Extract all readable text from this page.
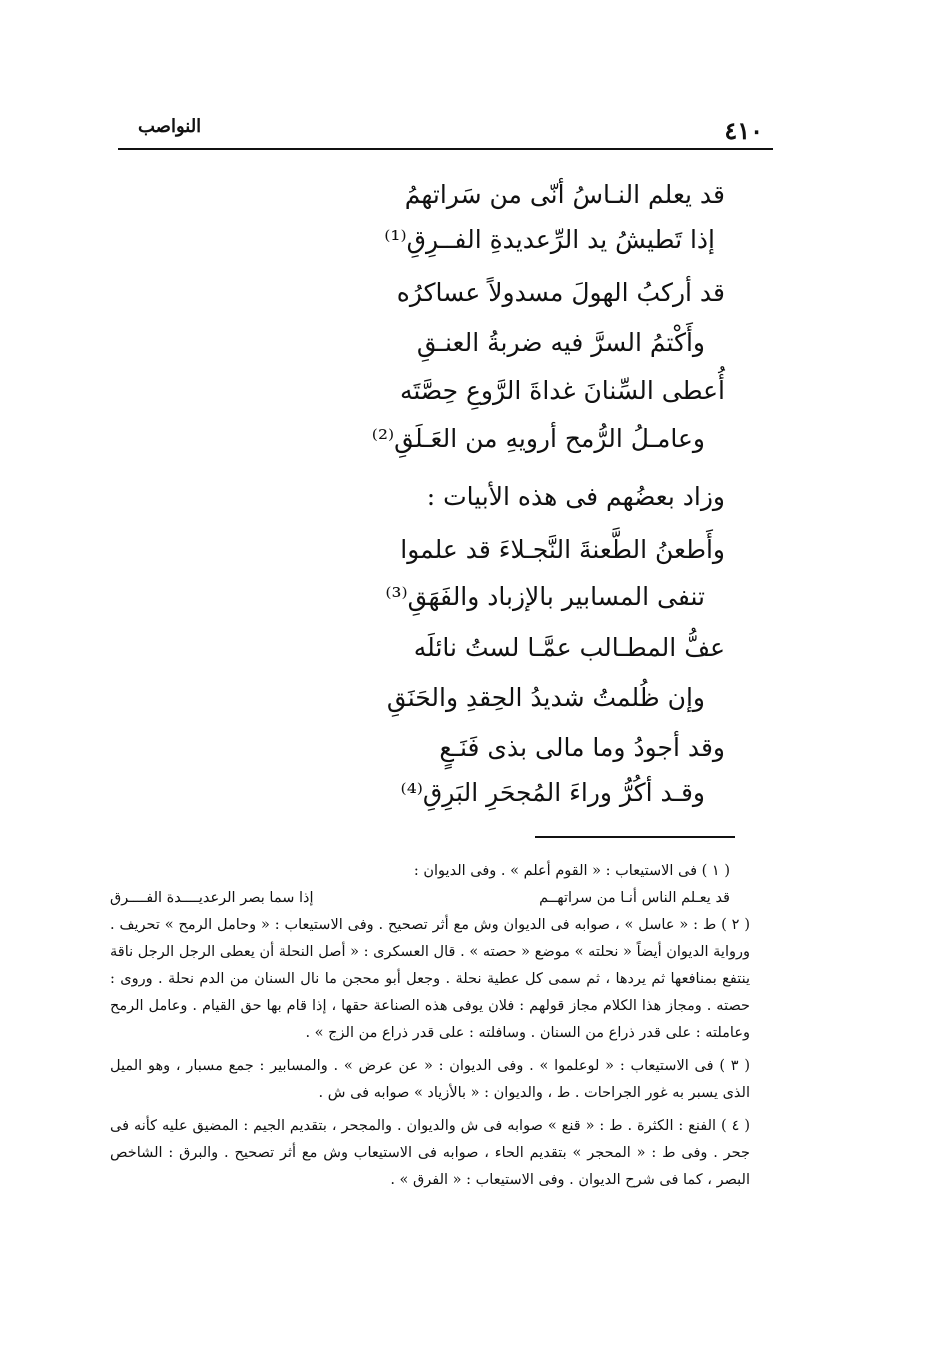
النواصب	٤١٠
قد يعلم النـاسُ أنّى من سَراتهمُ
إذا تَطيشُ يد الرِّعديدةِ الفــرِقِ⁽¹⁾
قد أركبُ الهولَ مسدولاً عساكرُه
وأَكْتمُ السرَّ فيه ضربةُ العنـقِ
أُعطى السِّنانَ غداةَ الرَّوعِ حِصَّتَه
وعامـلُ الرُّمح أرويهِ من العَـلَقِ⁽²⁾
وزاد بعضُهم فى هذه الأبيات :
وأَطعنُ الطَّعنةَ النَّجـلاءَ قد علموا
تنفى المسابير بالإزباد والفَهَقِ⁽³⁾
عفُّ المطـالب عمَّـا لستُ نائلَه
وإن ظُلمتُ شديدُ الحِقدِ والحَنَقِ
وقد أجودُ وما مالى بذى فَنَـعٍ
وقـد أكُرُّ وراءَ المُجحَرِ البَرِقِ⁽⁴⁾

( ١ ) فى الاستيعاب : « القوم أعلم » . وفى الديوان :

قد يعـلم الناس أنـا من سراتهــم
إذا سما بصر الرعديــــدة الفــــرق

( ٢ ) ط : « عاسل » ، صوابه فى الديوان وش مع أثر تصحيح . وفى الاستيعاب : « وحامل الرمح » تحريف . ورواية الديوان أيضاً « نحلته » موضع « حصته » . قال العسكرى : « أصل النحلة أن يعطى الرجل الرجل ناقة ينتفع بمنافعها ثم يردها ، ثم سمى كل عطية نحلة . وجعل أبو محجن ما نال السنان من الدم نحلة . وروى : حصته . ومجاز هذا الكلام مجاز قولهم : فلان يوفى هذه الصناعة حقها ، إذا قام بها حق القيام . وعامل الرمح وعاملته : على قدر ذراع من السنان . وسافلته : على قدر ذراع من الزج » .

( ٣ ) فى الاستيعاب : « لوعلموا » . وفى الديوان : « عن عرض » . والمسابير : جمع مسبار ، وهو الميل الذى يسبر به غور الجراحات . ط ، والديوان : « بالأزياد » صوابه فى ش .

( ٤ ) الفنع : الكثرة . ط : « قنع » صوابه فى ش والديوان . والمجحر ، بتقديم الجيم : المضيق عليه كأنه فى جحر . وفى ط : « المحجر » بتقديم الحاء ، صوابه فى الاستيعاب وش مع أثر تصحيح . والبرق : الشاخص البصر ، كما فى شرح الديوان . وفى الاستيعاب : « الفرق » .
